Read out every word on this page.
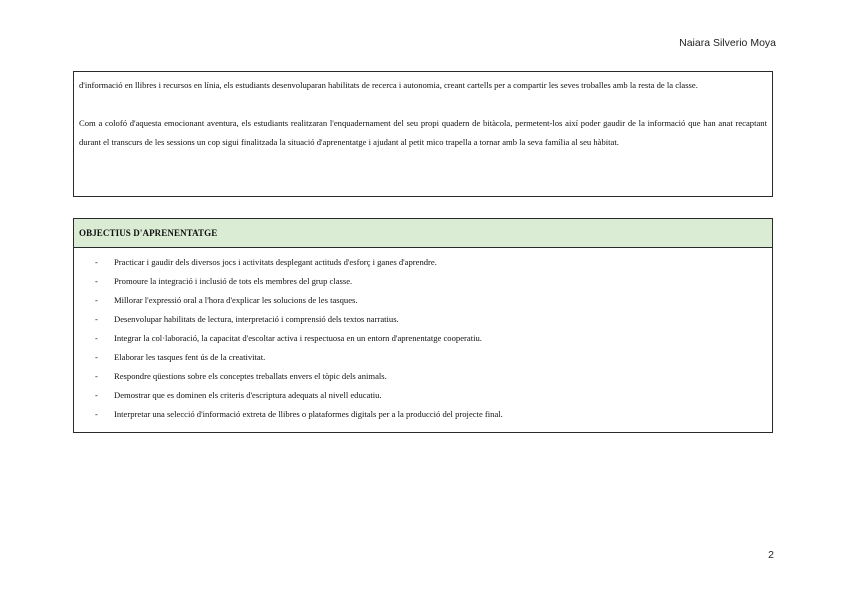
Naiara Silverio Moya

d'informació en llibres i recursos en línia, els estudiants desenvoluparan habilitats de recerca i autonomia, creant cartells per a compartir les seves troballes amb la resta de la classe.

Com a colofó d'aquesta emocionant aventura, els estudiants realitzaran l'enquadernament del seu propi quadern de bitàcola, permetent-los així poder gaudir de la informació que han anat recaptant durant el transcurs de les sessions un cop sigui finalitzada la situació d'aprenentatge i ajudant al petit mico trapella a tornar amb la seva família al seu hàbitat.

OBJECTIUS D'APRENENTATGE
- Practicar i gaudir dels diversos jocs i activitats desplegant actituds d'esforç i ganes d'aprendre.
- Promoure la integració i inclusió de tots els membres del grup classe.
- Millorar l'expressió oral a l'hora d'explicar les solucions de les tasques.
- Desenvolupar habilitats de lectura, interpretació i comprensió dels textos narratius.
- Integrar la col·laboració, la capacitat d'escoltar activa i respectuosa en un entorn d'aprenentatge cooperatiu.
- Elaborar les tasques fent ús de la creativitat.
- Respondre qüestions sobre els conceptes treballats envers el tòpic dels animals.
- Demostrar que es dominen els criteris d'escriptura adequats al nivell educatiu.
- Interpretar una selecció d'informació extreta de llibres o plataformes digitals per a la producció del projecte final.
2
